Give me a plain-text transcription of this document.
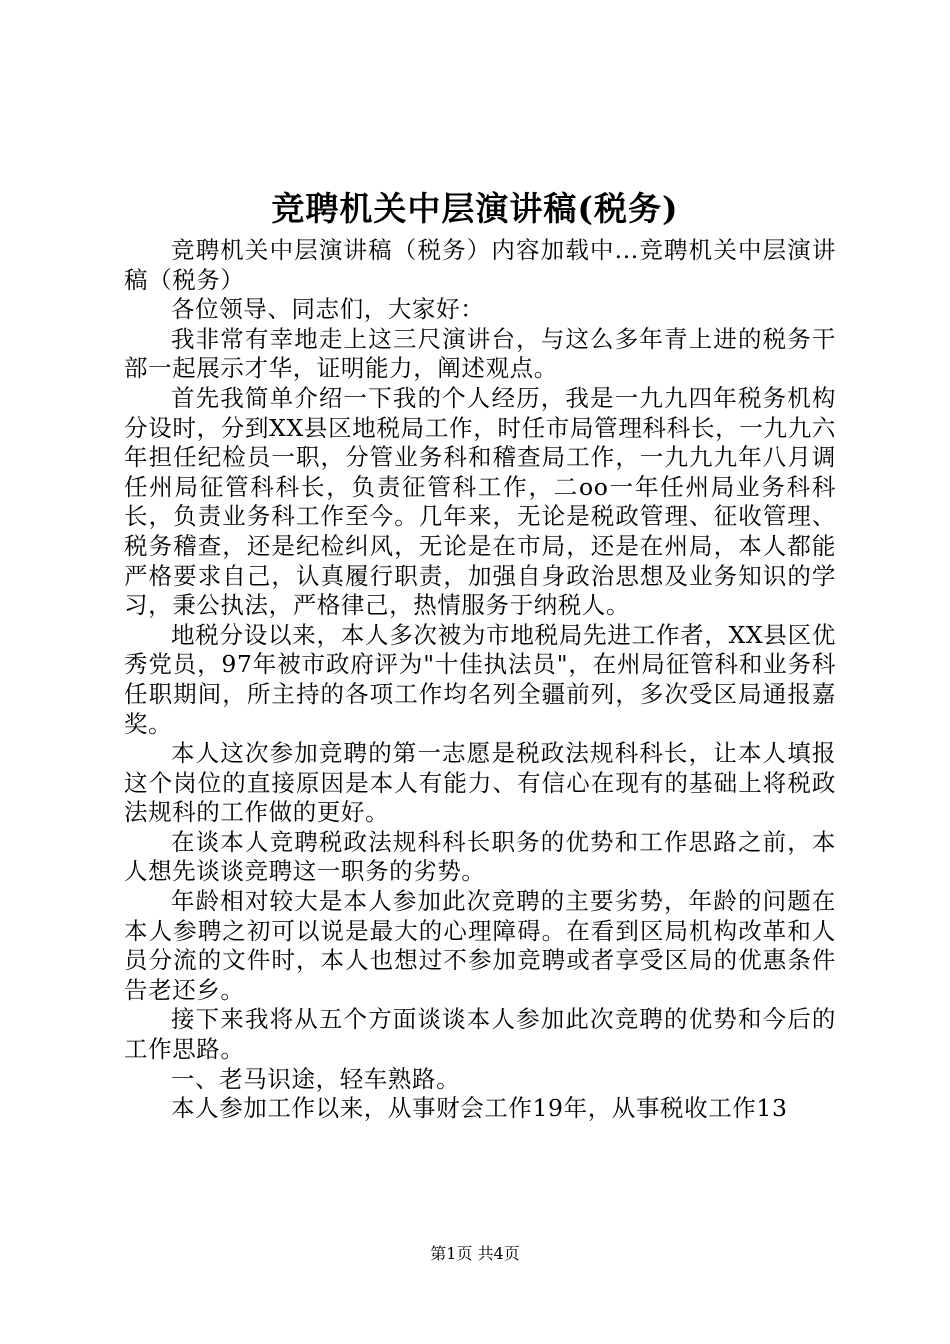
竞聘机关中层演讲稿(税务)

竞聘机关中层演讲稿（税务）内容加载中...竞聘机关中层演讲稿（税务）

各位领导、同志们，大家好：

我非常有幸地走上这三尺演讲台，与这么多年青上进的税务干部一起展示才华，证明能力，阐述观点。

首先我简单介绍一下我的个人经历，我是一九九四年税务机构分设时，分到XX县区地税局工作，时任市局管理科科长，一九九六年担任纪检员一职，分管业务科和稽查局工作，一九九九年八月调任州局征管科科长，负责征管科工作，二oo一年任州局业务科科长，负责业务科工作至今。几年来，无论是税政管理、征收管理、税务稽查，还是纪检纠风，无论是在市局，还是在州局，本人都能严格要求自己，认真履行职责，加强自身政治思想及业务知识的学习，秉公执法，严格律己，热情服务于纳税人。

地税分设以来，本人多次被为市地税局先进工作者，XX县区优秀党员，97年被市政府评为"十佳执法员"，在州局征管科和业务科任职期间，所主持的各项工作均名列全疆前列，多次受区局通报嘉奖。

本人这次参加竞聘的第一志愿是税政法规科科长，让本人填报这个岗位的直接原因是本人有能力、有信心在现有的基础上将税政法规科的工作做的更好。

在谈本人竞聘税政法规科科长职务的优势和工作思路之前，本人想先谈谈竞聘这一职务的劣势。

年龄相对较大是本人参加此次竞聘的主要劣势，年龄的问题在本人参聘之初可以说是最大的心理障碍。在看到区局机构改革和人员分流的文件时，本人也想过不参加竞聘或者享受区局的优惠条件告老还乡。

接下来我将从五个方面谈谈本人参加此次竞聘的优势和今后的工作思路。

一、老马识途，轻车熟路。

本人参加工作以来，从事财会工作19年，从事税收工作13

第1页 共4页
